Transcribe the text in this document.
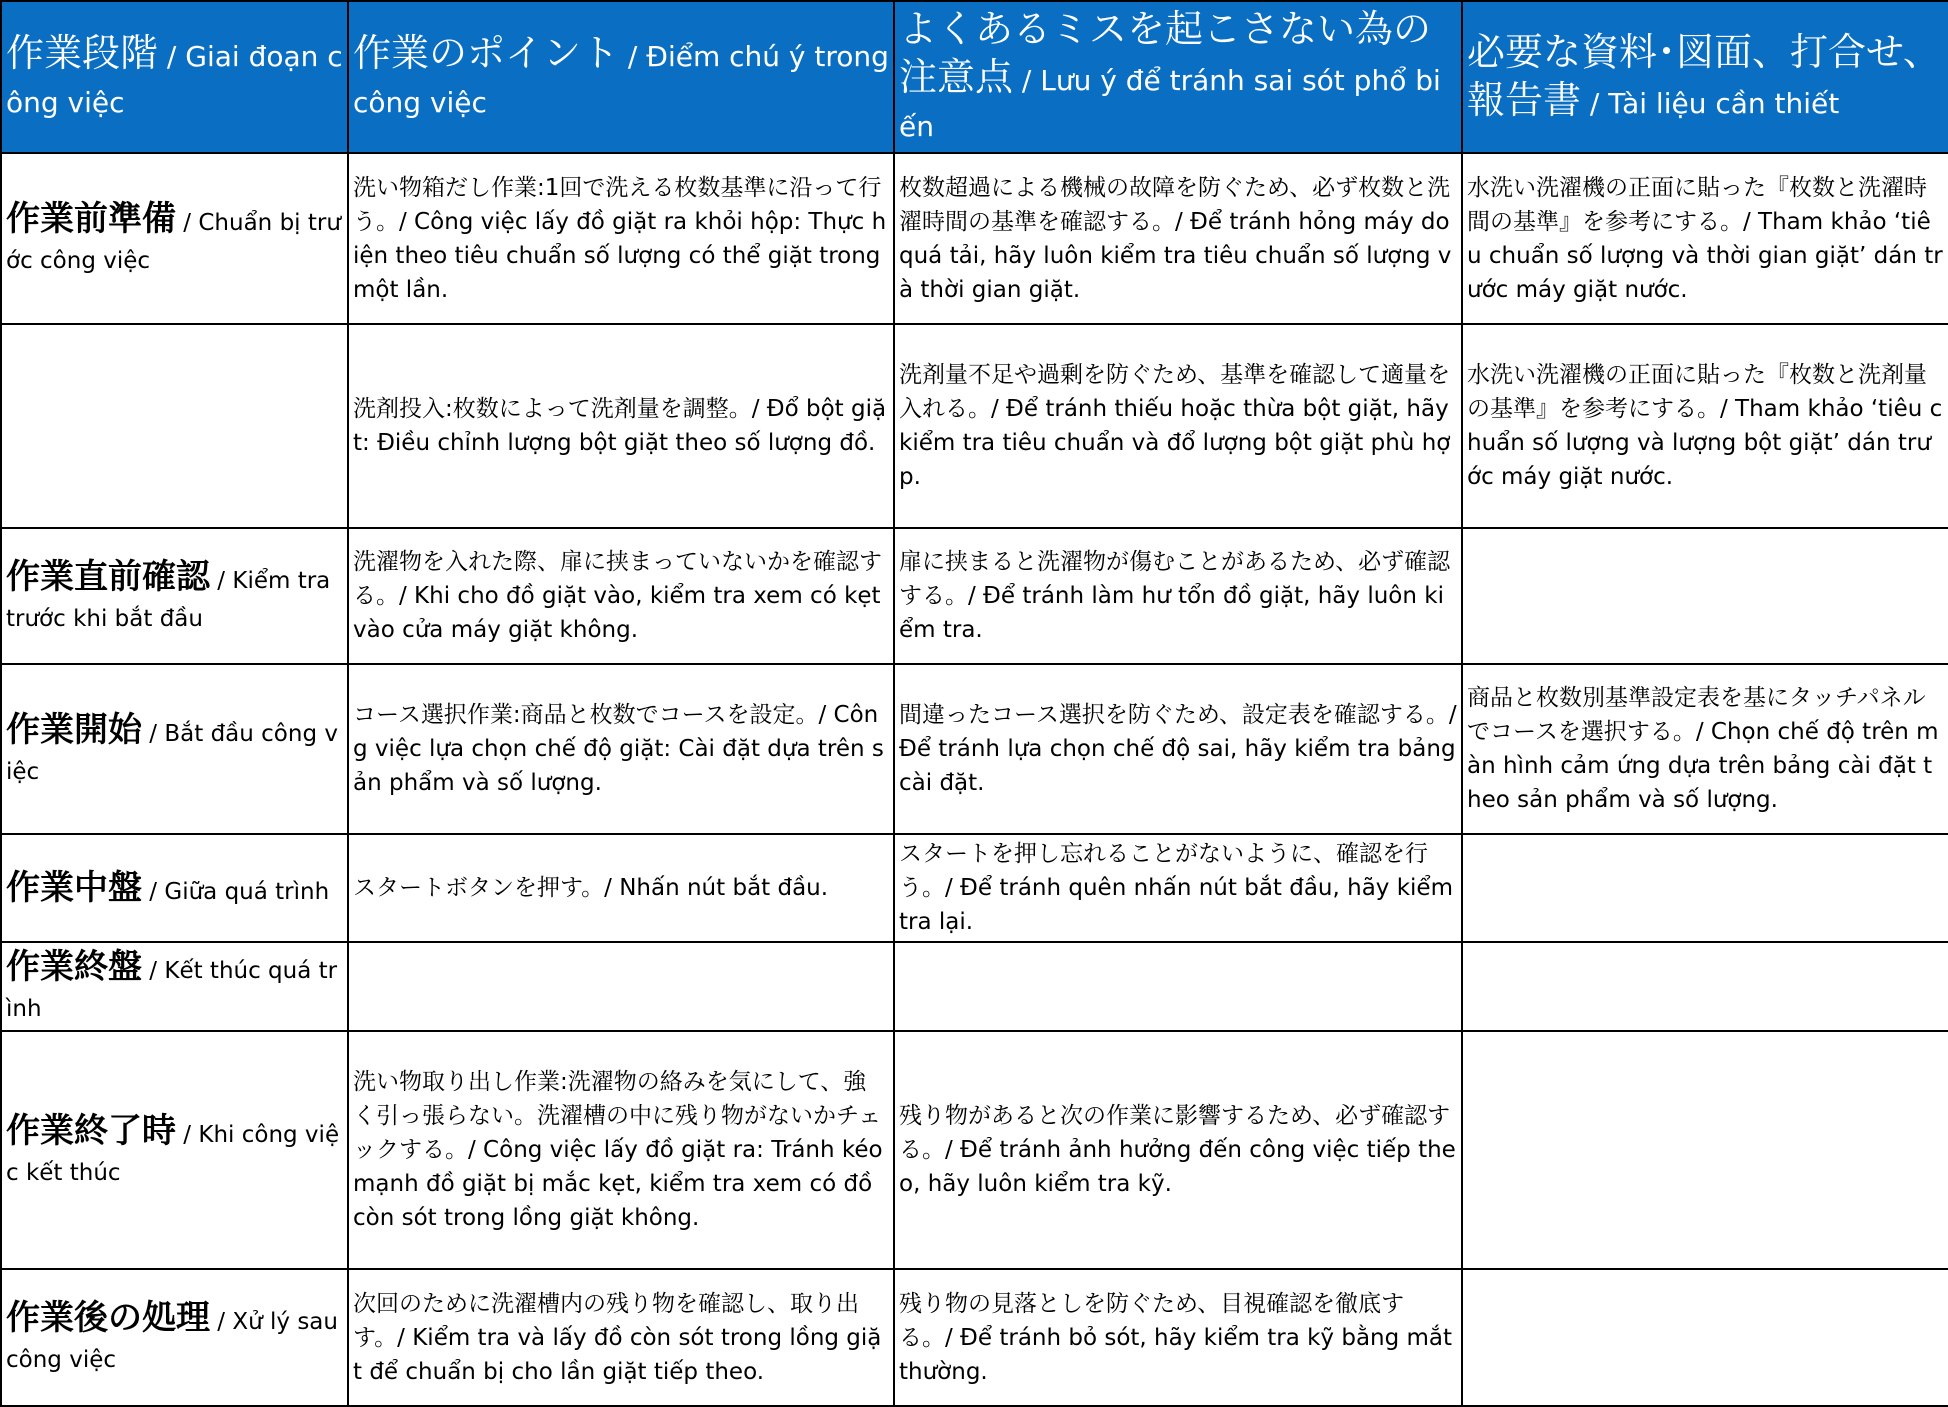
作業段階 / Giai đoạn công việc	作業のポイント / Điểm chú ý trong công việc	よくあるミスを起こさない為の注意点 / Lưu ý để tránh sai sót phổ biến	必要な資料･図面、打合せ、報告書 / Tài liệu cần thiết
作業前準備 / Chuẩn bị trước công việc	洗い物箱だし作業:1回で洗える枚数基準に沿って行う。/ Công việc lấy đồ giặt ra khỏi hộp: Thực hiện theo tiêu chuẩn số lượng có thể giặt trong một lần.	枚数超過による機械の故障を防ぐため、必ず枚数と洗濯時間の基準を確認する。/ Để tránh hỏng máy do quá tải, hãy luôn kiểm tra tiêu chuẩn số lượng và thời gian giặt.	水洗い洗濯機の正面に貼った『枚数と洗濯時間の基準』を参考にする。/ Tham khảo ‘tiêu chuẩn số lượng và thời gian giặt’ dán trước máy giặt nước.
	洗剤投入:枚数によって洗剤量を調整。/ Đổ bột giặt: Điều chỉnh lượng bột giặt theo số lượng đồ.	洗剤量不足や過剰を防ぐため、基準を確認して適量を入れる。/ Để tránh thiếu hoặc thừa bột giặt, hãy kiểm tra tiêu chuẩn và đổ lượng bột giặt phù hợp.	水洗い洗濯機の正面に貼った『枚数と洗剤量の基準』を参考にする。/ Tham khảo ‘tiêu chuẩn số lượng và lượng bột giặt’ dán trước máy giặt nước.
作業直前確認 / Kiểm tra trước khi bắt đầu	洗濯物を入れた際、扉に挟まっていないかを確認する。/ Khi cho đồ giặt vào, kiểm tra xem có kẹt vào cửa máy giặt không.	扉に挟まると洗濯物が傷むことがあるため、必ず確認する。/ Để tránh làm hư tổn đồ giặt, hãy luôn kiểm tra.	
作業開始 / Bắt đầu công việc	コース選択作業:商品と枚数でコースを設定。/ Công việc lựa chọn chế độ giặt: Cài đặt dựa trên sản phẩm và số lượng.	間違ったコース選択を防ぐため、設定表を確認する。/ Để tránh lựa chọn chế độ sai, hãy kiểm tra bảng cài đặt.	商品と枚数別基準設定表を基にタッチパネルでコースを選択する。/ Chọn chế độ trên màn hình cảm ứng dựa trên bảng cài đặt theo sản phẩm và số lượng.
作業中盤 / Giữa quá trình	スタートボタンを押す。/ Nhấn nút bắt đầu.	スタートを押し忘れることがないように、確認を行う。/ Để tránh quên nhấn nút bắt đầu, hãy kiểm tra lại.	
作業終盤 / Kết thúc quá trình			
作業終了時 / Khi công việc kết thúc	洗い物取り出し作業:洗濯物の絡みを気にして、強く引っ張らない。洗濯槽の中に残り物がないかチェックする。/ Công việc lấy đồ giặt ra: Tránh kéo mạnh đồ giặt bị mắc kẹt, kiểm tra xem có đồ còn sót trong lồng giặt không.	残り物があると次の作業に影響するため、必ず確認する。/ Để tránh ảnh hưởng đến công việc tiếp theo, hãy luôn kiểm tra kỹ.	
作業後の処理 / Xử lý sau công việc	次回のために洗濯槽内の残り物を確認し、取り出す。/ Kiểm tra và lấy đồ còn sót trong lồng giặt để chuẩn bị cho lần giặt tiếp theo.	残り物の見落としを防ぐため、目視確認を徹底する。/ Để tránh bỏ sót, hãy kiểm tra kỹ bằng mắt thường.	
